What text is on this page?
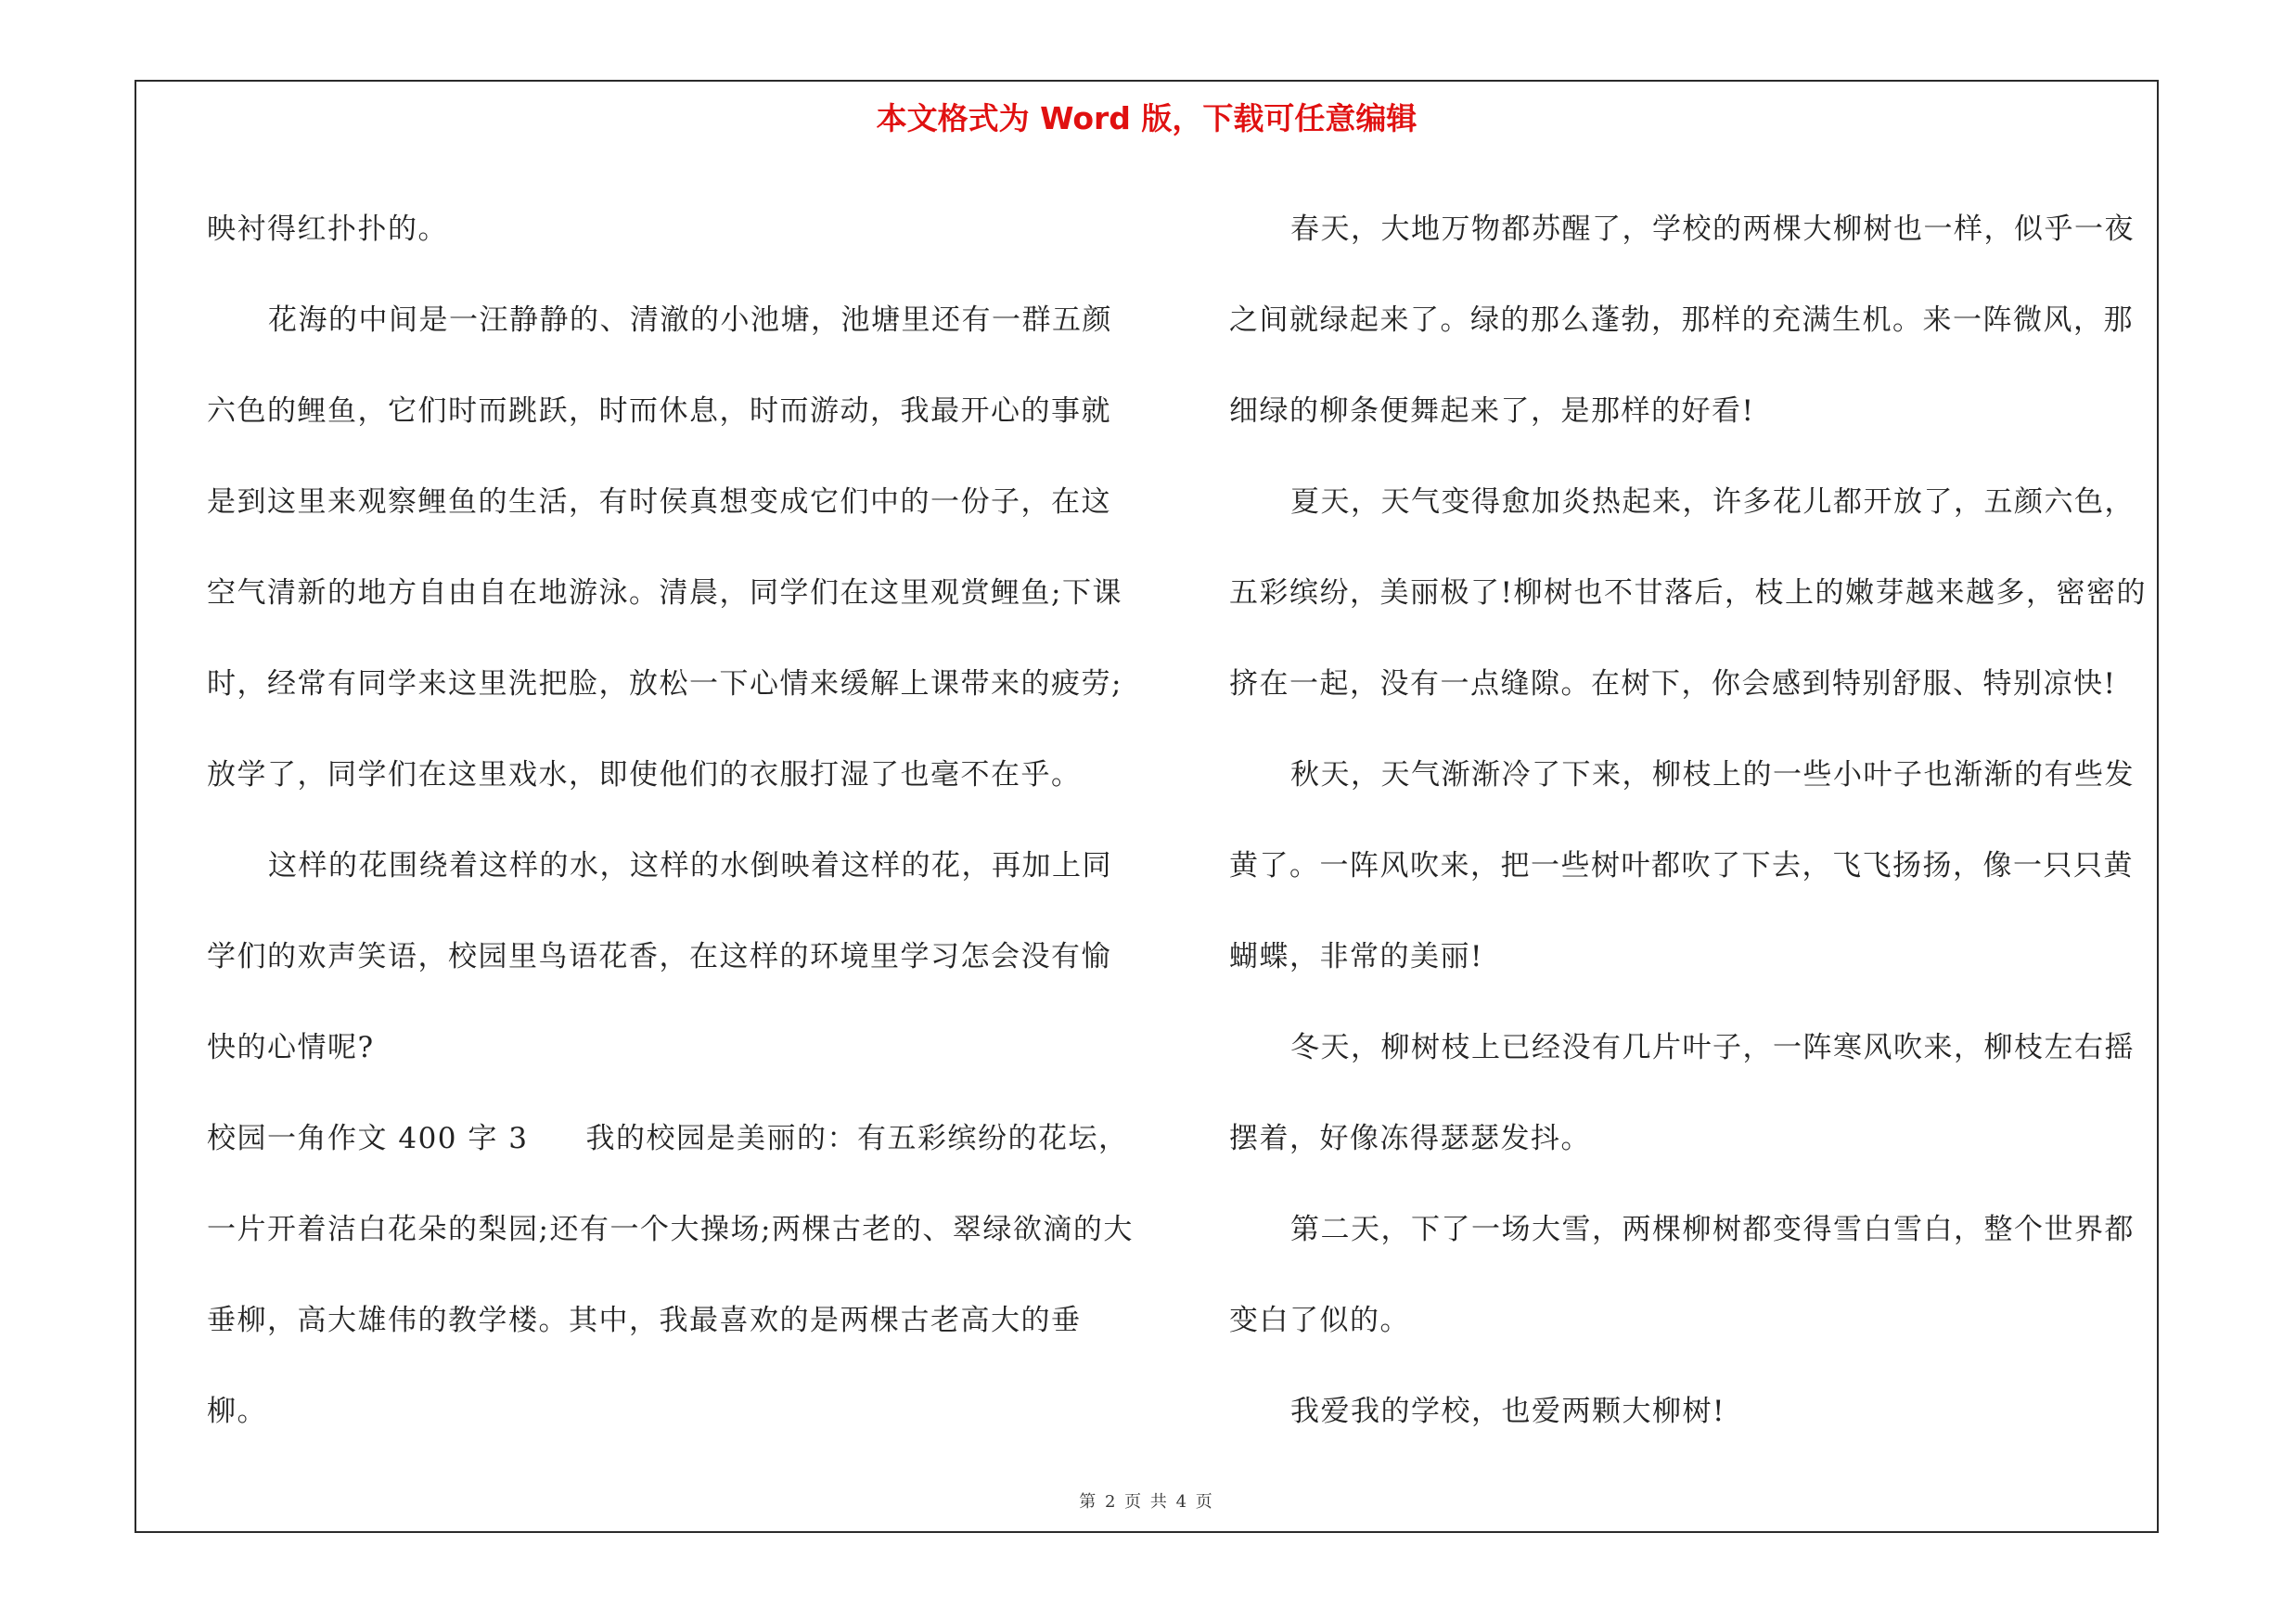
本文格式为 Word 版，下载可任意编辑

映衬得红扑扑的。

花海的中间是一汪静静的、清澈的小池塘，池塘里还有一群五颜六色的鲤鱼，它们时而跳跃，时而休息，时而游动，我最开心的事就是到这里来观察鲤鱼的生活，有时侯真想变成它们中的一份子，在这空气清新的地方自由自在地游泳。清晨，同学们在这里观赏鲤鱼;下课时，经常有同学来这里洗把脸，放松一下心情来缓解上课带来的疲劳;放学了，同学们在这里戏水，即使他们的衣服打湿了也毫不在乎。

这样的花围绕着这样的水，这样的水倒映着这样的花，再加上同学们的欢声笑语，校园里鸟语花香，在这样的环境里学习怎会没有愉快的心情呢?

校园一角作文 400 字 3 我的校园是美丽的：有五彩缤纷的花坛，一片开着洁白花朵的梨园;还有一个大操场;两棵古老的、翠绿欲滴的大垂柳，高大雄伟的教学楼。其中，我最喜欢的是两棵古老高大的垂柳。

春天，大地万物都苏醒了，学校的两棵大柳树也一样，似乎一夜之间就绿起来了。绿的那么蓬勃，那样的充满生机。来一阵微风，那细绿的柳条便舞起来了，是那样的好看!

夏天，天气变得愈加炎热起来，许多花儿都开放了，五颜六色，五彩缤纷，美丽极了!柳树也不甘落后，枝上的嫩芽越来越多，密密的挤在一起，没有一点缝隙。在树下，你会感到特别舒服、特别凉快!

秋天，天气渐渐冷了下来，柳枝上的一些小叶子也渐渐的有些发黄了。一阵风吹来，把一些树叶都吹了下去，飞飞扬扬，像一只只黄蝴蝶，非常的美丽!

冬天，柳树枝上已经没有几片叶子，一阵寒风吹来，柳枝左右摇摆着，好像冻得瑟瑟发抖。

第二天，下了一场大雪，两棵柳树都变得雪白雪白，整个世界都变白了似的。

我爱我的学校，也爱两颗大柳树!

第 2 页 共 4 页
